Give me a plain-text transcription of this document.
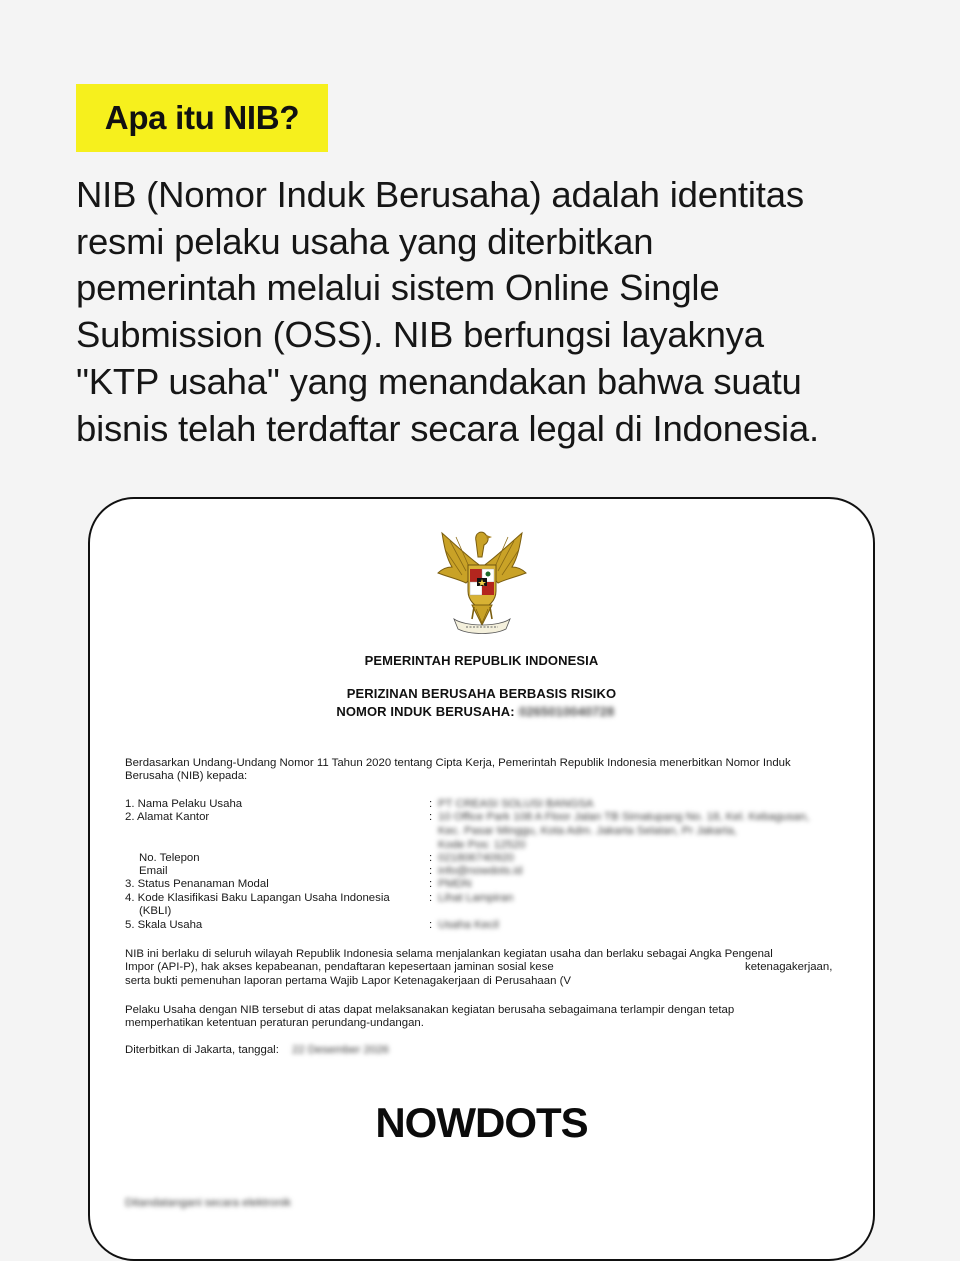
Apa itu NIB?
NIB (Nomor Induk Berusaha) adalah identitas
resmi pelaku usaha yang diterbitkan
pemerintah melalui sistem Online Single
Submission (OSS). NIB berfungsi layaknya
"KTP usaha" yang menandakan bahwa suatu
bisnis telah terdaftar secara legal di Indonesia.
PEMERINTAH REPUBLIK INDONESIA
PERIZINAN BERUSAHA BERBASIS RISIKO
NOMOR INDUK BERUSAHA: 0265010040728
Berdasarkan Undang-Undang Nomor 11 Tahun 2020 tentang Cipta Kerja, Pemerintah Republik Indonesia menerbitkan Nomor Induk
Berusaha (NIB) kepada:
1. Nama Pelaku Usaha	: PT CREASI SOLUSI BANGSA
2. Alamat Kantor	: 10 Office Park 108 A Floor Jalan TB Simatupang No. 18, Kel. Kebagusan,
Kec. Pasar Minggu, Kota Adm. Jakarta Selatan, Pr Jakarta,
Kode Pos: 12520
No. Telepon	: 021806740920
Email	: info@nowdots.id
3. Status Penanaman Modal	: PMDN
4. Kode Klasifikasi Baku Lapangan Usaha Indonesia
(KBLI)
: Lihat Lampiran
5. Skala Usaha	: Usaha Kecil
NIB ini berlaku di seluruh wilayah Republik Indonesia selama menjalankan kegiatan usaha dan berlaku sebagai Angka Pengenal
Impor (API-P), hak akses kepabeanan, pendaftaran kepesertaan jaminan sosial kese	ketenagakerjaan,
serta bukti pemenuhan laporan pertama Wajib Lapor Ketenagakerjaan di Perusahaan (V
Pelaku Usaha dengan NIB tersebut di atas dapat melaksanakan kegiatan berusaha sebagaimana terlampir dengan tetap
memperhatikan ketentuan peraturan perundang-undangan.
Diterbitkan di Jakarta, tanggal: 22 Desember 2026
NOWDOTS
Ditandatangani secara elektronik
